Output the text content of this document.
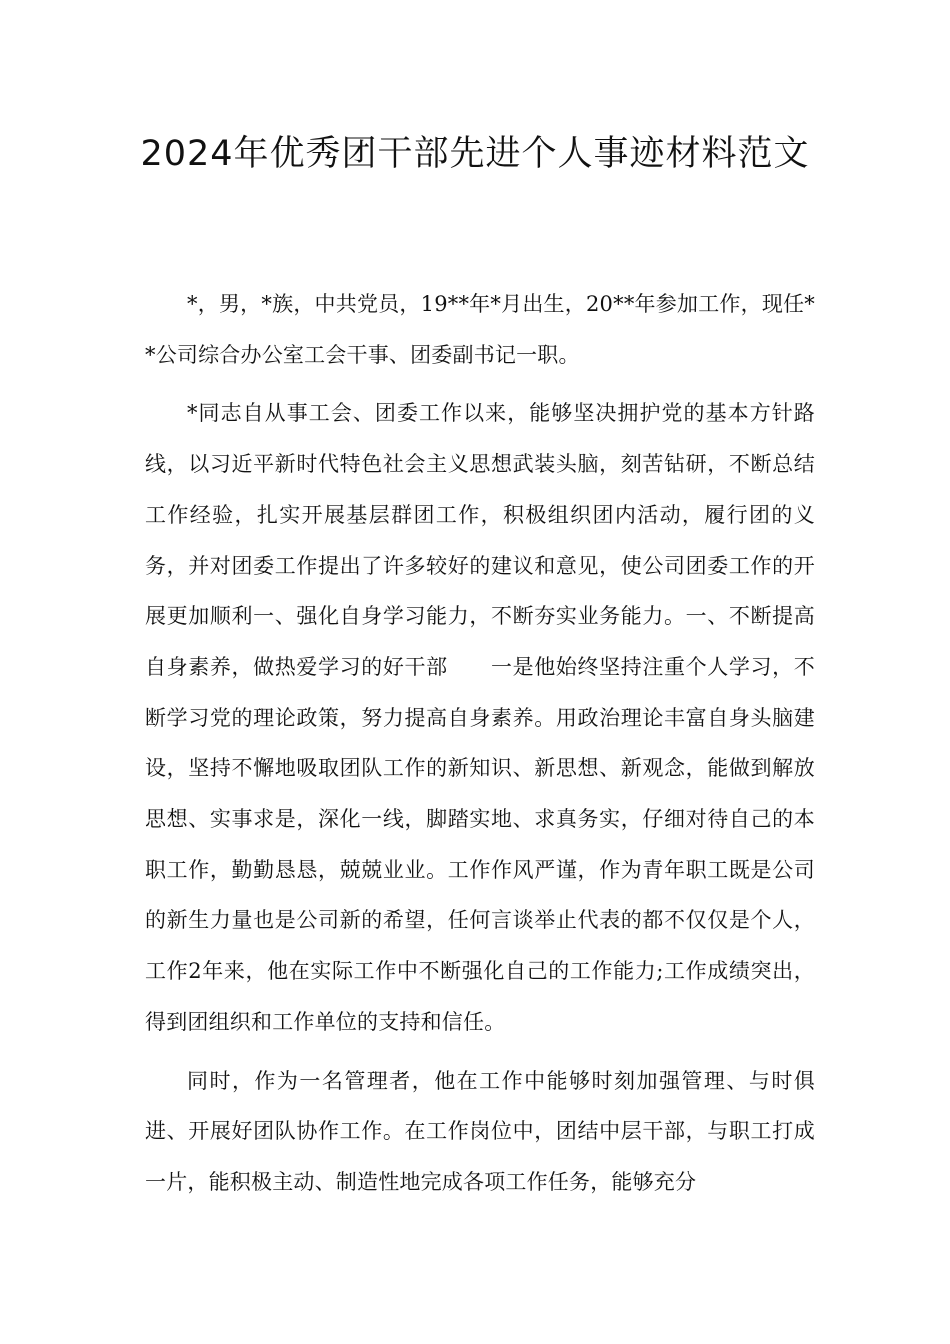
2024年优秀团干部先进个人事迹材料范文

*，男，*族，中共党员，19**年*月出生，20**年参加工作，现任**公司综合办公室工会干事、团委副书记一职。

*同志自从事工会、团委工作以来，能够坚决拥护党的基本方针路线，以习近平新时代特色社会主义思想武装头脑，刻苦钻研，不断总结工作经验，扎实开展基层群团工作，积极组织团内活动，履行团的义务，并对团委工作提出了许多较好的建议和意见，使公司团委工作的开展更加顺利一、强化自身学习能力，不断夯实业务能力。一、不断提高自身素养，做热爱学习的好干部　　一是他始终坚持注重个人学习，不断学习党的理论政策，努力提高自身素养。用政治理论丰富自身头脑建设，坚持不懈地吸取团队工作的新知识、新思想、新观念，能做到解放思想、实事求是，深化一线，脚踏实地、求真务实，仔细对待自己的本职工作，勤勤恳恳，兢兢业业。工作作风严谨，作为青年职工既是公司的新生力量也是公司新的希望，任何言谈举止代表的都不仅仅是个人，工作2年来，他在实际工作中不断强化自己的工作能力;工作成绩突出，得到团组织和工作单位的支持和信任。

同时，作为一名管理者，他在工作中能够时刻加强管理、与时俱进、开展好团队协作工作。在工作岗位中，团结中层干部，与职工打成一片，能积极主动、制造性地完成各项工作任务，能够充分
